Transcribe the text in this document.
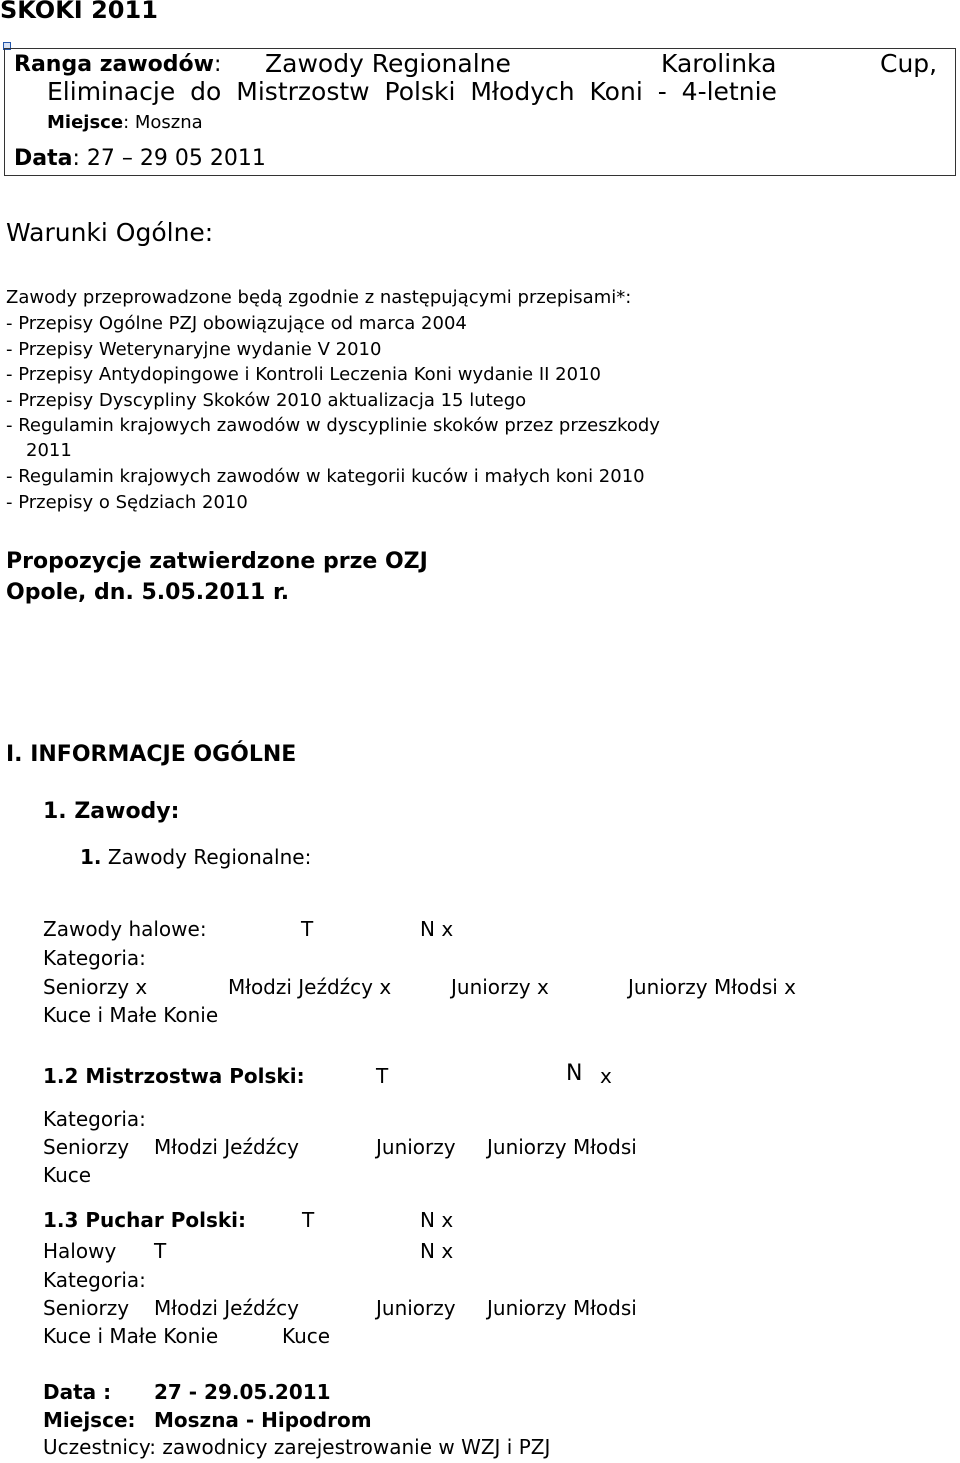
SKOKI 2011
Ranga zawodów: Zawody Regionalne	Karolinka	Cup,
Eliminacje do Mistrzostw Polski Młodych Koni - 4-letnie
Miejsce: Moszna
Data: 27 – 29 05 2011
Warunki Ogólne:
Zawody przeprowadzone będą zgodnie z następującymi przepisami*:
- Przepisy Ogólne PZJ obowiązujące od marca 2004
- Przepisy Weterynaryjne wydanie V 2010
- Przepisy Antydopingowe i Kontroli Leczenia Koni wydanie II 2010
- Przepisy Dyscypliny Skoków 2010 aktualizacja 15 lutego
- Regulamin krajowych zawodów w dyscyplinie skoków przez przeszkody
2011
- Regulamin krajowych zawodów w kategorii kuców i małych koni 2010
- Przepisy o Sędziach 2010
Propozycje zatwierdzone prze OZJ
Opole, dn. 5.05.2011 r.
I. INFORMACJE OGÓLNE
1. Zawody:
1. Zawody Regionalne:
Zawody halowe:	T	N x
Kategoria:
Seniorzy x	Młodzi Jeźdźcy x	Juniorzy x	Juniorzy Młodsi x
Kuce i Małe Konie
1.2 Mistrzostwa Polski:	T	N x
Kategoria:
Seniorzy Młodzi Jeźdźcy	Juniorzy Juniorzy Młodsi
Kuce
1.3 Puchar Polski:	T	N x
Halowy T	N x
Kategoria:
Seniorzy Młodzi Jeźdźcy	Juniorzy Juniorzy Młodsi
Kuce i Małe Konie	Kuce
Data : 27 - 29.05.2011
Miejsce: Moszna - Hipodrom
Uczestnicy: zawodnicy zarejestrowanie w WZJ i PZJ
